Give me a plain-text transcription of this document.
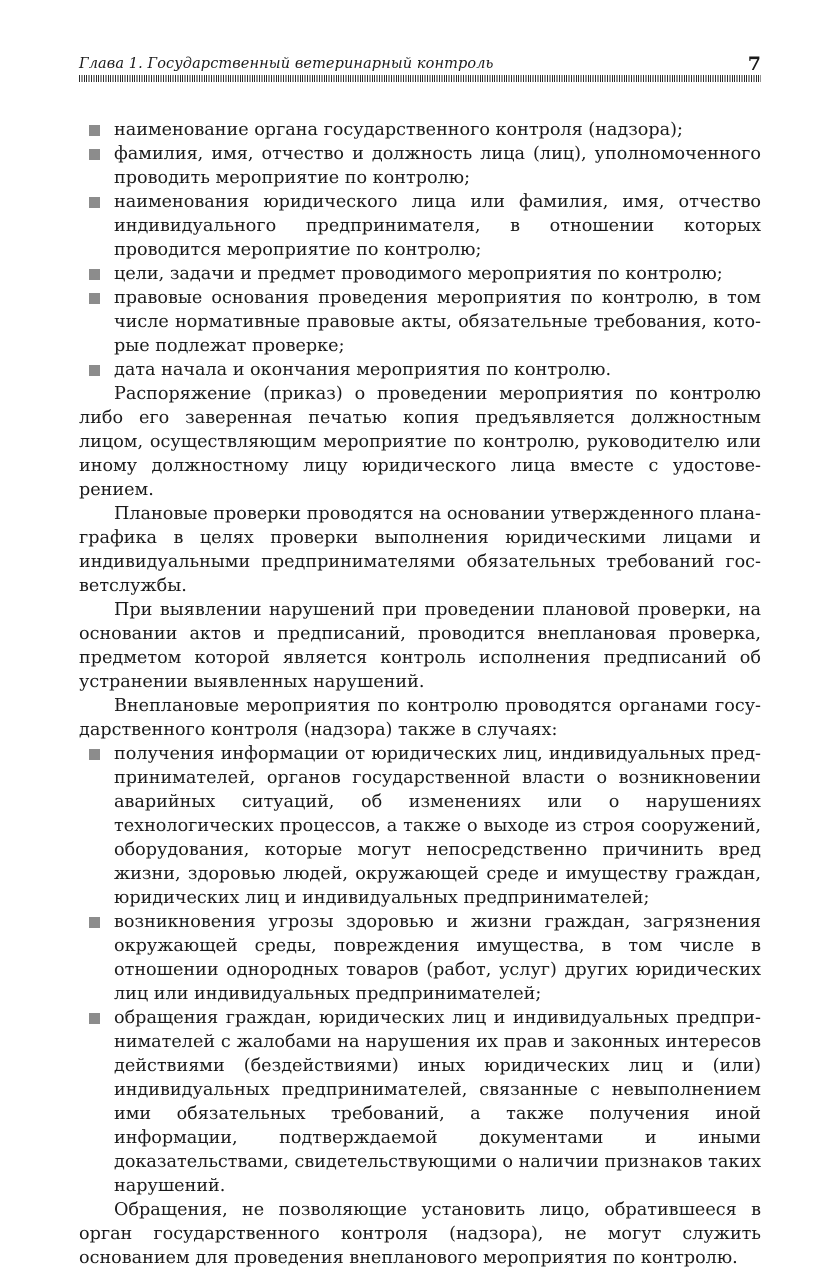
Глава 1. Государственный ветеринарный контроль	7
наименование органа государственного контроля (надзора);
фамилия, имя, отчество и должность лица (лиц), уполномоченного проводить мероприятие по контролю;
наименования юридического лица или фамилия, имя, отчество индивидуального предпринимателя, в отношении которых проводится мероприятие по контролю;
цели, задачи и предмет проводимого мероприятия по контролю;
правовые основания проведения мероприятия по контролю, в том числе нормативные правовые акты, обязательные требования, которые подлежат проверке;
дата начала и окончания мероприятия по контролю.

Распоряжение (приказ) о проведении мероприятия по контролю либо его заверенная печатью копия предъявляется должностным лицом, осуществляющим мероприятие по контролю, руководителю или иному должностному лицу юридического лица вместе с удостоверением.

Плановые проверки проводятся на основании утвержденного плана-графика в целях проверки выполнения юридическими лицами и индивидуальными предпринимателями обязательных требований госветслужбы.

При выявлении нарушений при проведении плановой проверки, на основании актов и предписаний, проводится внеплановая проверка, предметом которой является контроль исполнения предписаний об устранении выявленных нарушений.

Внеплановые мероприятия по контролю проводятся органами государственного контроля (надзора) также в случаях:

получения информации от юридических лиц, индивидуальных предпринимателей, органов государственной власти о возникновении аварийных ситуаций, об изменениях или о нарушениях технологических процессов, а также о выходе из строя сооружений, оборудования, которые могут непосредственно причинить вред жизни, здоровью людей, окружающей среде и имуществу граждан, юридических лиц и индивидуальных предпринимателей;
возникновения угрозы здоровью и жизни граждан, загрязнения окружающей среды, повреждения имущества, в том числе в отношении однородных товаров (работ, услуг) других юридических лиц или индивидуальных предпринимателей;
обращения граждан, юридических лиц и индивидуальных предпринимателей с жалобами на нарушения их прав и законных интересов действиями (бездействиями) иных юридических лиц и (или) индивидуальных предпринимателей, связанные с невыполнением ими обязательных требований, а также получения иной информации, подтверждаемой документами и иными доказательствами, свидетельствующими о наличии признаков таких нарушений.

Обращения, не позволяющие установить лицо, обратившееся в орган государственного контроля (надзора), не могут служить основанием для проведения внепланового мероприятия по контролю.
